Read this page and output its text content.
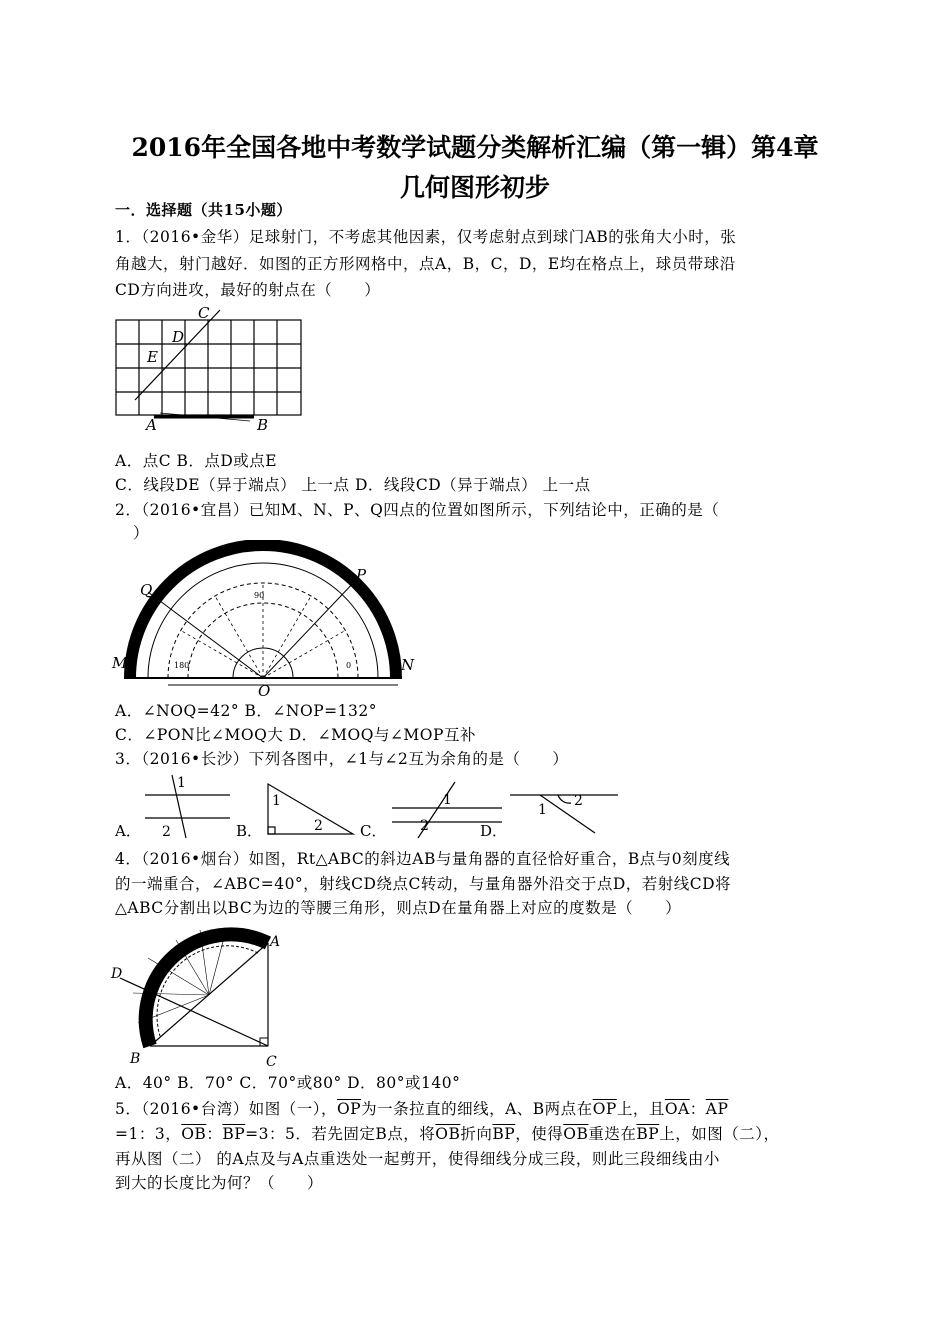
2016年全国各地中考数学试题分类解析汇编（第一辑）第4章
几何图形初步
一．选择题（共15小题）
1．（2016•金华）足球射门，不考虑其他因素，仅考虑射点到球门AB的张角大小时，张
角越大，射门越好．如图的正方形网格中，点A，B，C，D，E均在格点上，球员带球沿
CD方向进攻，最好的射点在（　　）
C
D
E
A	B
A．点C B．点D或点E
C．线段DE（异于端点） 上一点 D．线段CD（异于端点） 上一点
2．（2016•宜昌）已知M、N、P、Q四点的位置如图所示，下列结论中，正确的是（
）
Q
P
M	N
O
90
180	0
A．∠NOQ=42° B．∠NOP=132°
C．∠PON比∠MOQ大 D．∠MOQ与∠MOP互补
3．（2016•长沙）下列各图中，∠1与∠2互为余角的是（　　）
A．
1
2	B．
1
2 C．
1
2	D．
1
2
4．（2016•烟台）如图，Rt△ABC的斜边AB与量角器的直径恰好重合，B点与0刻度线
的一端重合，∠ABC=40°，射线CD绕点C转动，与量角器外沿交于点D，若射线CD将
△ABC分割出以BC为边的等腰三角形，则点D在量角器上对应的度数是（　　）
A
D
B	C
A．40° B．70° C．70°或80° D．80°或140°
5．（2016•台湾）如图（一），$\overline{OP}$为一条拉直的细线，A、B两点在$\overline{OP}$上，且$\overline{OA}$：$\overline{AP}$
=1：3，$\overline{OB}$：$\overline{BP}=3$：5．若先固定B点，将$\overline{OB}$折向$\overline{BP}$，使得$\overline{OB}$重迭在$\overline{BP}$上，如图（二），
再从图（二） 的A点及与A点重迭处一起剪开，使得细线分成三段，则此三段细线由小
到大的长度比为何？（　　）
